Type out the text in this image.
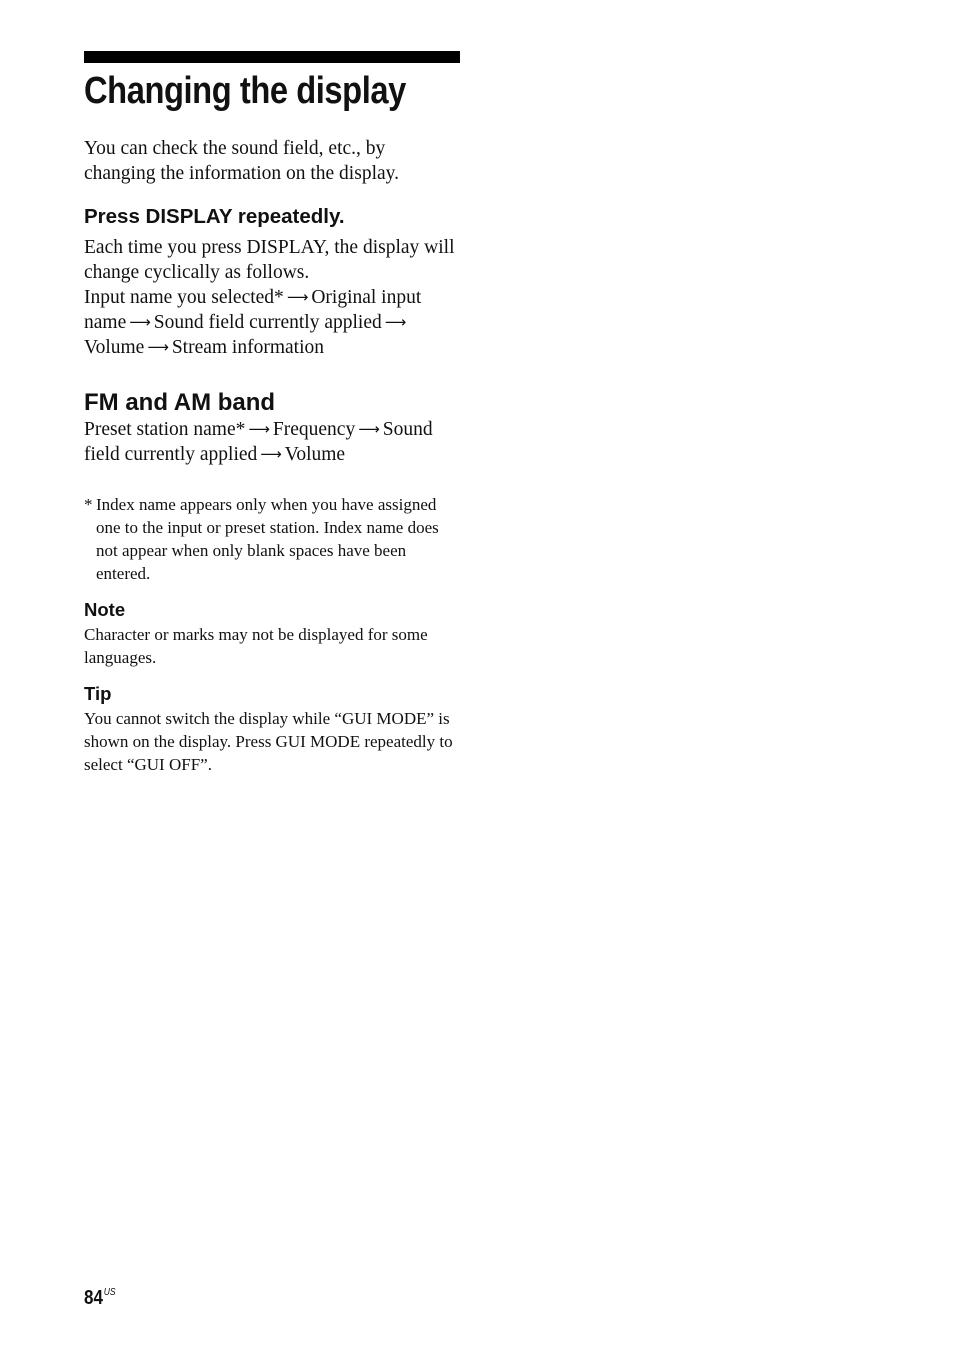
Changing the display

You can check the sound field, etc., by changing the information on the display.

Press DISPLAY repeatedly.

Each time you press DISPLAY, the display will change cyclically as follows.
Input name you selected* ⟶ Original input name ⟶ Sound field currently applied ⟶Volume ⟶ Stream information

FM and AM band

Preset station name* ⟶ Frequency ⟶ Sound field currently applied ⟶ Volume

* Index name appears only when you have assigned one to the input or preset station. Index name does not appear when only blank spaces have been entered.
Note

Character or marks may not be displayed for some languages.

Tip

You cannot switch the display while “GUI MODE” is shown on the display. Press GUI MODE repeatedly to select “GUI OFF”.

$84^{US}$
